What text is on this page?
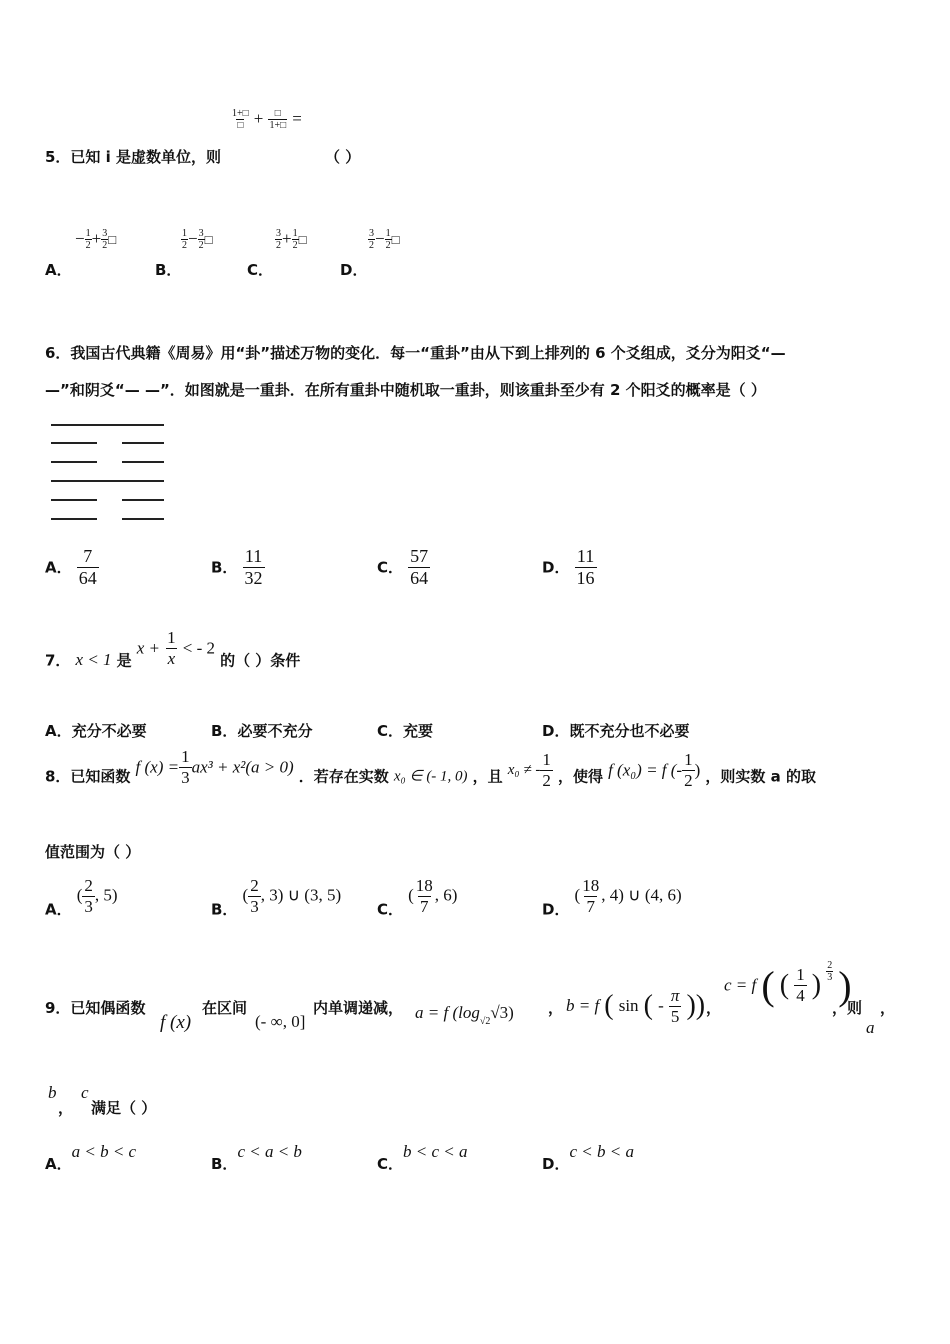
1+□
□ + □
1+□ =
5．已知 i 是虚数单位，则	（ ）
− $\frac{1}{2} + \frac{3}{2}$ □
A．
$\frac{1}{2} - \frac{3}{2}$ □
B．
$\frac{3}{2} + \frac{1}{2}$ □
C．
$\frac{3}{2} - \frac{1}{2}$ □
D．
6．我国古代典籍《周易》用“卦”描述万物的变化．每一“重卦”由从下到上排列的 6 个爻组成，爻分为阳爻“—
—”和阴爻“— —”．如图就是一重卦．在所有重卦中随机取一重卦，则该重卦至少有 2 个阳爻的概率是（ ）
A． $\frac{7}{64}$	B． $\frac{11}{32}$	C． $\frac{57}{64}$	D． $\frac{11}{16}$
7． x < 1 是 $x + \frac{1}{x}$ < - 2 的（ ）条件
A．充分不必要	B．必要不充分	C．充要	D．既不充分也不必要
8．已知函数 f $(x) = \frac{1}{3} ax^3 + x^2(a > 0)$ ．若存在实数 x₀ ∈ (- 1, 0) ，且 x₀ ≠ - $\frac{1}{2}$ ，使得 f (x₀) = f (- $\frac{1}{2}$ ) ，则实数 a 的取
值范围为（ ）
A． ( $\frac{2}{3}$ , 5)
B． ( $\frac{2}{3}$ , 3) ∪ (3, 5)
C． ( $\frac{18}{7}$ , 6)
D． ( $\frac{18}{7}$ , 4) ∪ (4, 6)
9．已知偶函数
f (x)
在区间
(- ∞, 0]
内单调递减， a = f $(\log_{√2}√3)$ ， b = f ( sin ( - $\frac{\pi}{5}$ )) ，
c = f ( ( $\frac{1}{4}$ ) $\frac{2}{3}$ )
，则
a
，
b
，
c
满足（ ）
A．a < b < c
B．c < a < b
C．b < c < a
D．c < b < a
